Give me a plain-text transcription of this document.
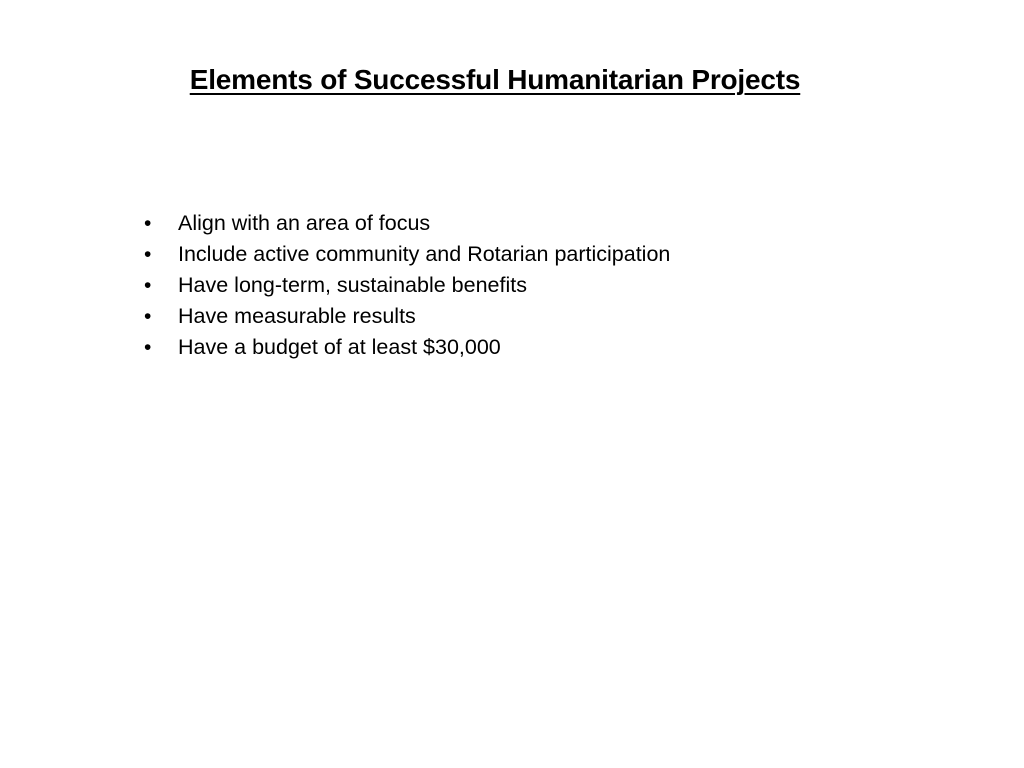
Elements of Successful Humanitarian Projects
•	Align with an area of focus
•	Include active community and Rotarian participation
•	Have long-term, sustainable benefits
•	Have measurable results
•	Have a budget of at least $30,000
